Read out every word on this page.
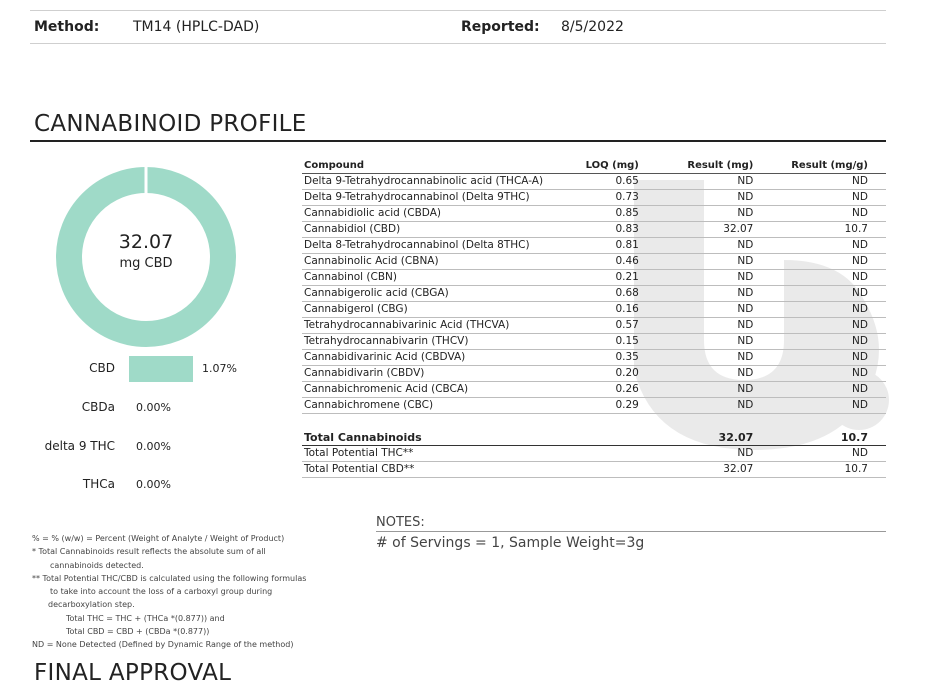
Method: TM14 (HPLC-DAD)	Reported: 8/5/2022
CANNABINOID PROFILE
32.07
mg CBD
CBD	1.07%
CBDa 0.00%
delta 9 THC 0.00%
THCa 0.00%
Compound	LOQ (mg)	Result (mg)	Result (mg/g)
Delta 9-Tetrahydrocannabinolic acid (THCA-A)	0.65	ND	ND
Delta 9-Tetrahydrocannabinol (Delta 9THC)	0.73	ND	ND
Cannabidiolic acid (CBDA)	0.85	ND	ND
Cannabidiol (CBD)	0.83	32.07	10.7
Delta 8-Tetrahydrocannabinol (Delta 8THC)	0.81	ND	ND
Cannabinolic Acid (CBNA)	0.46	ND	ND
Cannabinol (CBN)	0.21	ND	ND
Cannabigerolic acid (CBGA)	0.68	ND	ND
Cannabigerol (CBG)	0.16	ND	ND
Tetrahydrocannabivarinic Acid (THCVA)	0.57	ND	ND
Tetrahydrocannabivarin (THCV)	0.15	ND	ND
Cannabidivarinic Acid (CBDVA)	0.35	ND	ND
Cannabidivarin (CBDV)	0.20	ND	ND
Cannabichromenic Acid (CBCA)	0.26	ND	ND
Cannabichromene (CBC)	0.29	ND	ND

Total Cannabinoids		32.07	10.7
Total Potential THC**		ND	ND
Total Potential CBD**		32.07	10.7
NOTES:
# of Servings = 1, Sample Weight=3g
% = % (w/w) = Percent (Weight of Analyte / Weight of Product)
* Total Cannabinoids result reflects the absolute sum of all
cannabinoids detected.
** Total Potential THC/CBD is calculated using the following formulas
to take into account the loss of a carboxyl group during
decarboxylation step.
Total THC = THC + (THCa *(0.877)) and
Total CBD = CBD + (CBDa *(0.877))
ND = None Detected (Defined by Dynamic Range of the method)
FINAL APPROVAL
